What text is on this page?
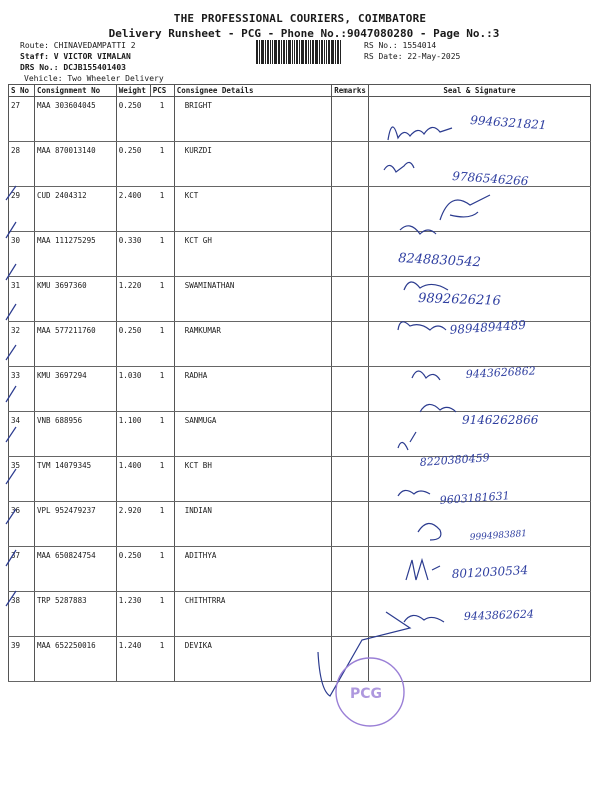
THE PROFESSIONAL COURIERS, COIMBATORE
Delivery Runsheet - PCG - Phone No.:9047080280 - Page No.:3
Route: CHINAVEDAMPATTI 2
Staff: V VICTOR VIMALAN
DRS No.: DCJB155401403
Vehicle: Two Wheeler Delivery
RS No.: 1554014
RS Date: 22-May-2025
S No	Consignment No	Weight	PCS	Consignee Details	Remarks	Seal & Signature
27	MAA 303604045	0.250	1	BRIGHT		
28	MAA 870013140	0.250	1	KURZDI		
29	CUD 2404312	2.400	1	KCT		
30	MAA 111275295	0.330	1	KCT GH		
31	KMU 3697360	1.220	1	SWAMINATHAN		
32	MAA 577211760	0.250	1	RAMKUMAR		
33	KMU 3697294	1.030	1	RADHA		
34	VNB 688956	1.100	1	SANMUGA		
35	TVM 14079345	1.400	1	KCT BH		
36	VPL 952479237	2.920	1	INDIAN		
37	MAA 650824754	0.250	1	ADITHYA		
38	TRP 5287883	1.230	1	CHITHTRRA		
39	MAA 652250016	1.240	1	DEVIKA		
9946321821
9786546266
8248830542
9892626216
9894894489
9443626862
9146262866
8220380459
9603181631
9994983881
8012030534
9443862624
PCG
